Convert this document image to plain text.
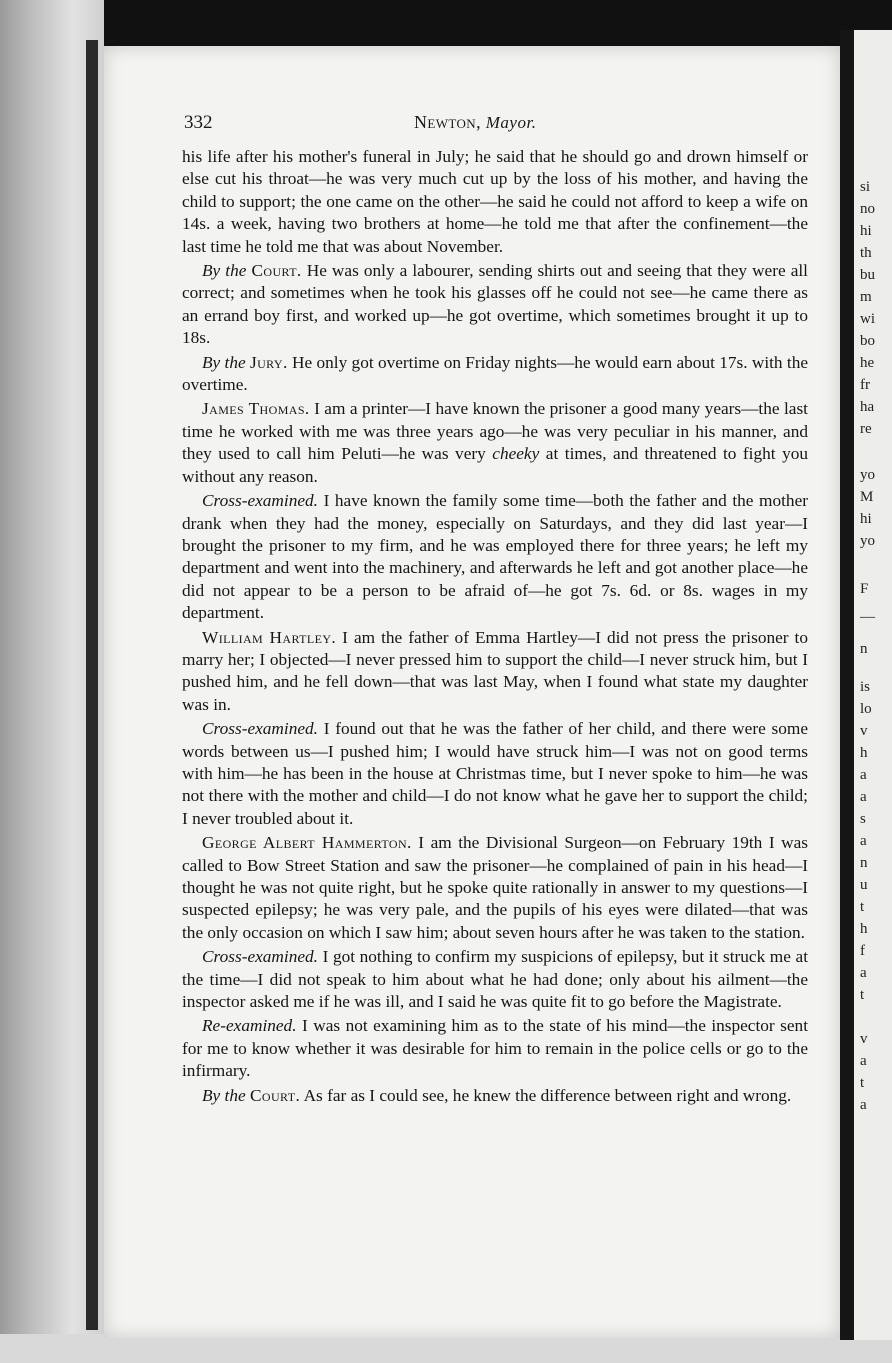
si
no
hi
th
bu
m
wi
bo
he
fr
ha
re
yo
M
hi
yo
F
—
n
is
lo
v
h
a
a
s
a
n
u
t
h
f
a
t
v
a
t
a
332	Newton, Mayor.

his life after his mother's funeral in July; he said that he should go and drown himself or else cut his throat—he was very much cut up by the loss of his mother, and having the child to support; the one came on the other—he said he could not afford to keep a wife on 14s. a week, having two brothers at home—he told me that after the confinement—the last time he told me that was about November.

By the Court. He was only a labourer, sending shirts out and seeing that they were all correct; and sometimes when he took his glasses off he could not see—he came there as an errand boy first, and worked up—he got overtime, which sometimes brought it up to 18s.

By the Jury. He only got overtime on Friday nights—he would earn about 17s. with the overtime.

James Thomas. I am a printer—I have known the prisoner a good many years—the last time he worked with me was three years ago—he was very peculiar in his manner, and they used to call him Peluti—he was very cheeky at times, and threatened to fight you without any reason.

Cross-examined. I have known the family some time—both the father and the mother drank when they had the money, especially on Saturdays, and they did last year—I brought the prisoner to my firm, and he was employed there for three years; he left my department and went into the machinery, and afterwards he left and got another place—he did not appear to be a person to be afraid of—he got 7s. 6d. or 8s. wages in my department.

William Hartley. I am the father of Emma Hartley—I did not press the prisoner to marry her; I objected—I never pressed him to support the child—I never struck him, but I pushed him, and he fell down—that was last May, when I found what state my daughter was in.

Cross-examined. I found out that he was the father of her child, and there were some words between us—I pushed him; I would have struck him—I was not on good terms with him—he has been in the house at Christmas time, but I never spoke to him—he was not there with the mother and child—I do not know what he gave her to support the child; I never troubled about it.

George Albert Hammerton. I am the Divisional Surgeon—on February 19th I was called to Bow Street Station and saw the prisoner—he complained of pain in his head—I thought he was not quite right, but he spoke quite rationally in answer to my questions—I suspected epilepsy; he was very pale, and the pupils of his eyes were dilated—that was the only occasion on which I saw him; about seven hours after he was taken to the station.

Cross-examined. I got nothing to confirm my suspicions of epilepsy, but it struck me at the time—I did not speak to him about what he had done; only about his ailment—the inspector asked me if he was ill, and I said he was quite fit to go before the Magistrate.

Re-examined. I was not examining him as to the state of his mind—the inspector sent for me to know whether it was desirable for him to remain in the police cells or go to the infirmary.

By the Court. As far as I could see, he knew the difference between right and wrong.
